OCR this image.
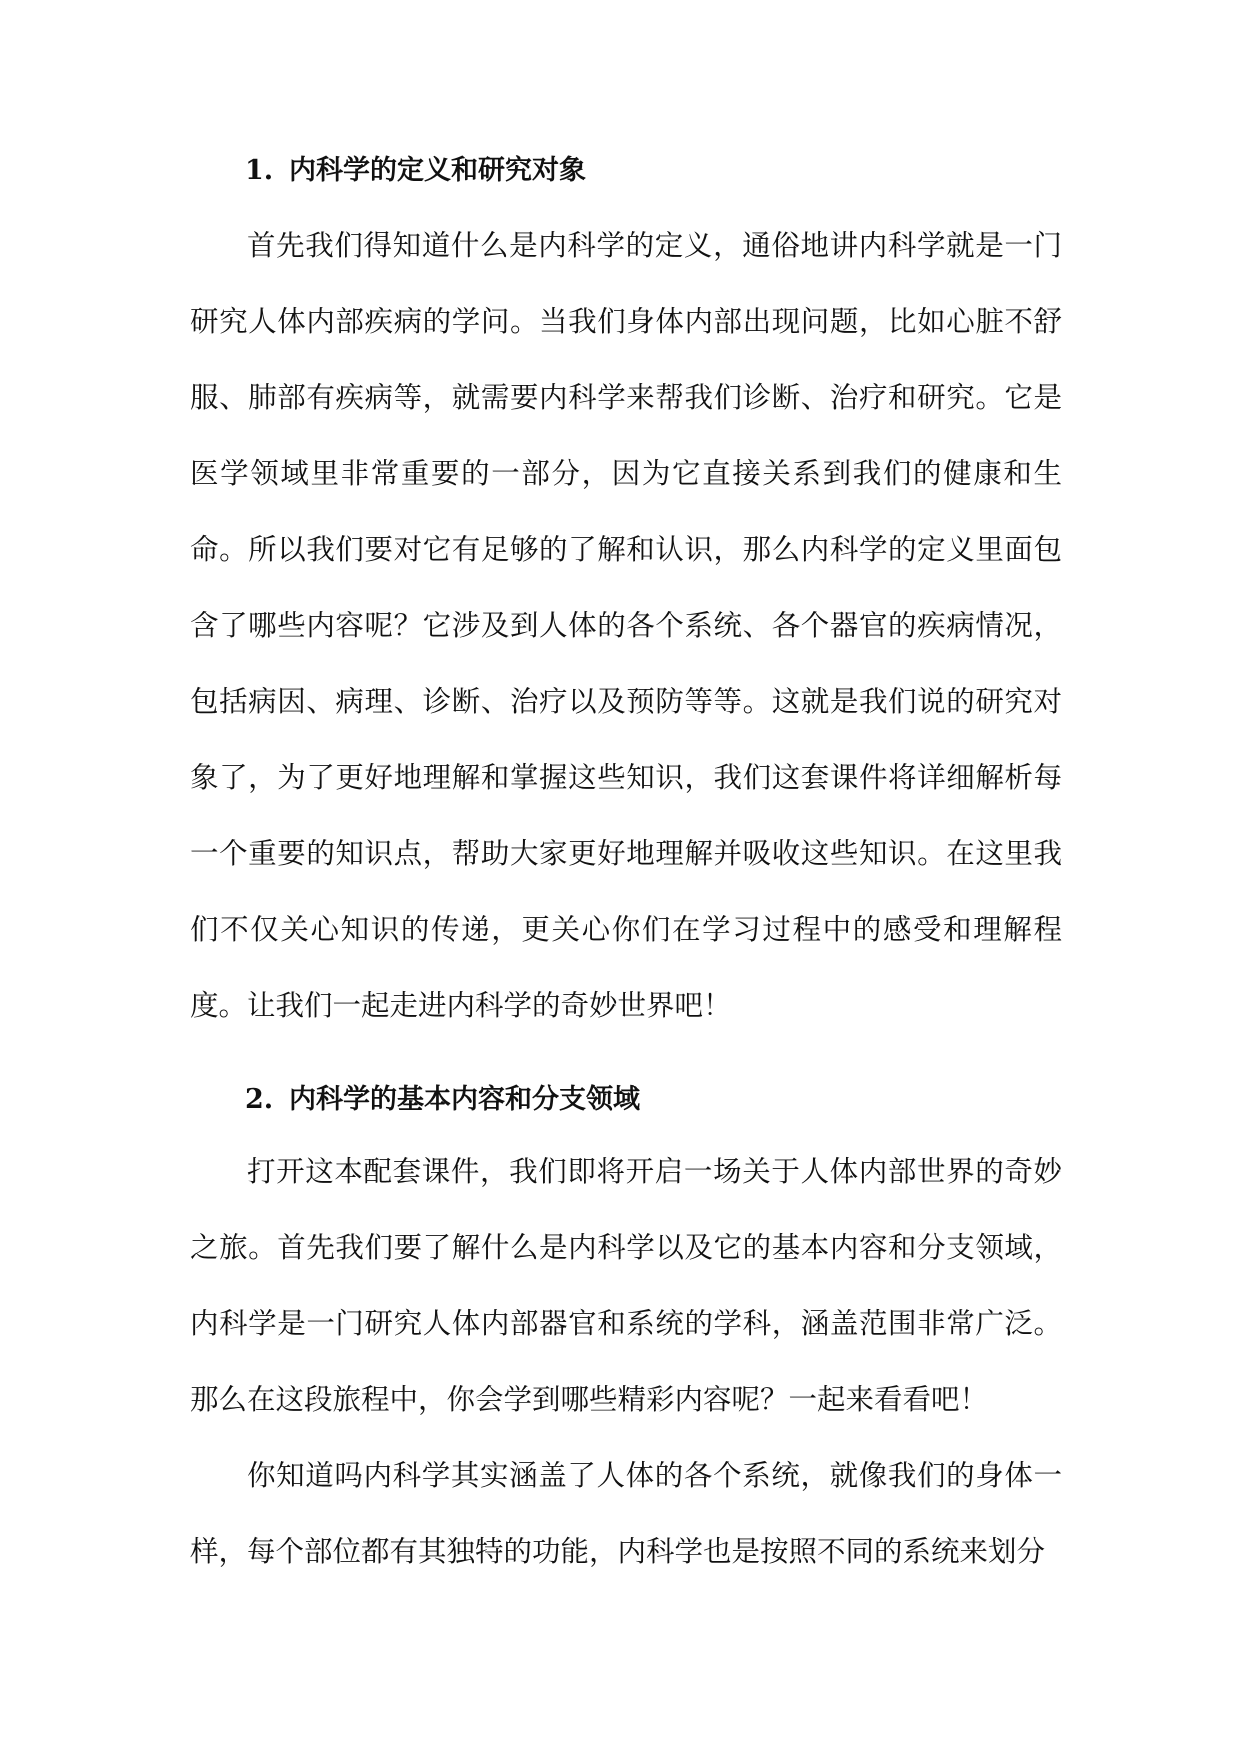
1. 内科学的定义和研究对象

首先我们得知道什么是内科学的定义，通俗地讲内科学就是一门研究人体内部疾病的学问。当我们身体内部出现问题，比如心脏不舒服、肺部有疾病等，就需要内科学来帮我们诊断、治疗和研究。它是医学领域里非常重要的一部分，因为它直接关系到我们的健康和生命。所以我们要对它有足够的了解和认识，那么内科学的定义里面包含了哪些内容呢？它涉及到人体的各个系统、各个器官的疾病情况，包括病因、病理、诊断、治疗以及预防等等。这就是我们说的研究对象了，为了更好地理解和掌握这些知识，我们这套课件将详细解析每一个重要的知识点，帮助大家更好地理解并吸收这些知识。在这里我们不仅关心知识的传递，更关心你们在学习过程中的感受和理解程度。让我们一起走进内科学的奇妙世界吧！

2. 内科学的基本内容和分支领域

打开这本配套课件，我们即将开启一场关于人体内部世界的奇妙之旅。首先我们要了解什么是内科学以及它的基本内容和分支领域，内科学是一门研究人体内部器官和系统的学科，涵盖范围非常广泛。那么在这段旅程中，你会学到哪些精彩内容呢？一起来看看吧！

你知道吗内科学其实涵盖了人体的各个系统，就像我们的身体一样，每个部位都有其独特的功能，内科学也是按照不同的系统来划分
